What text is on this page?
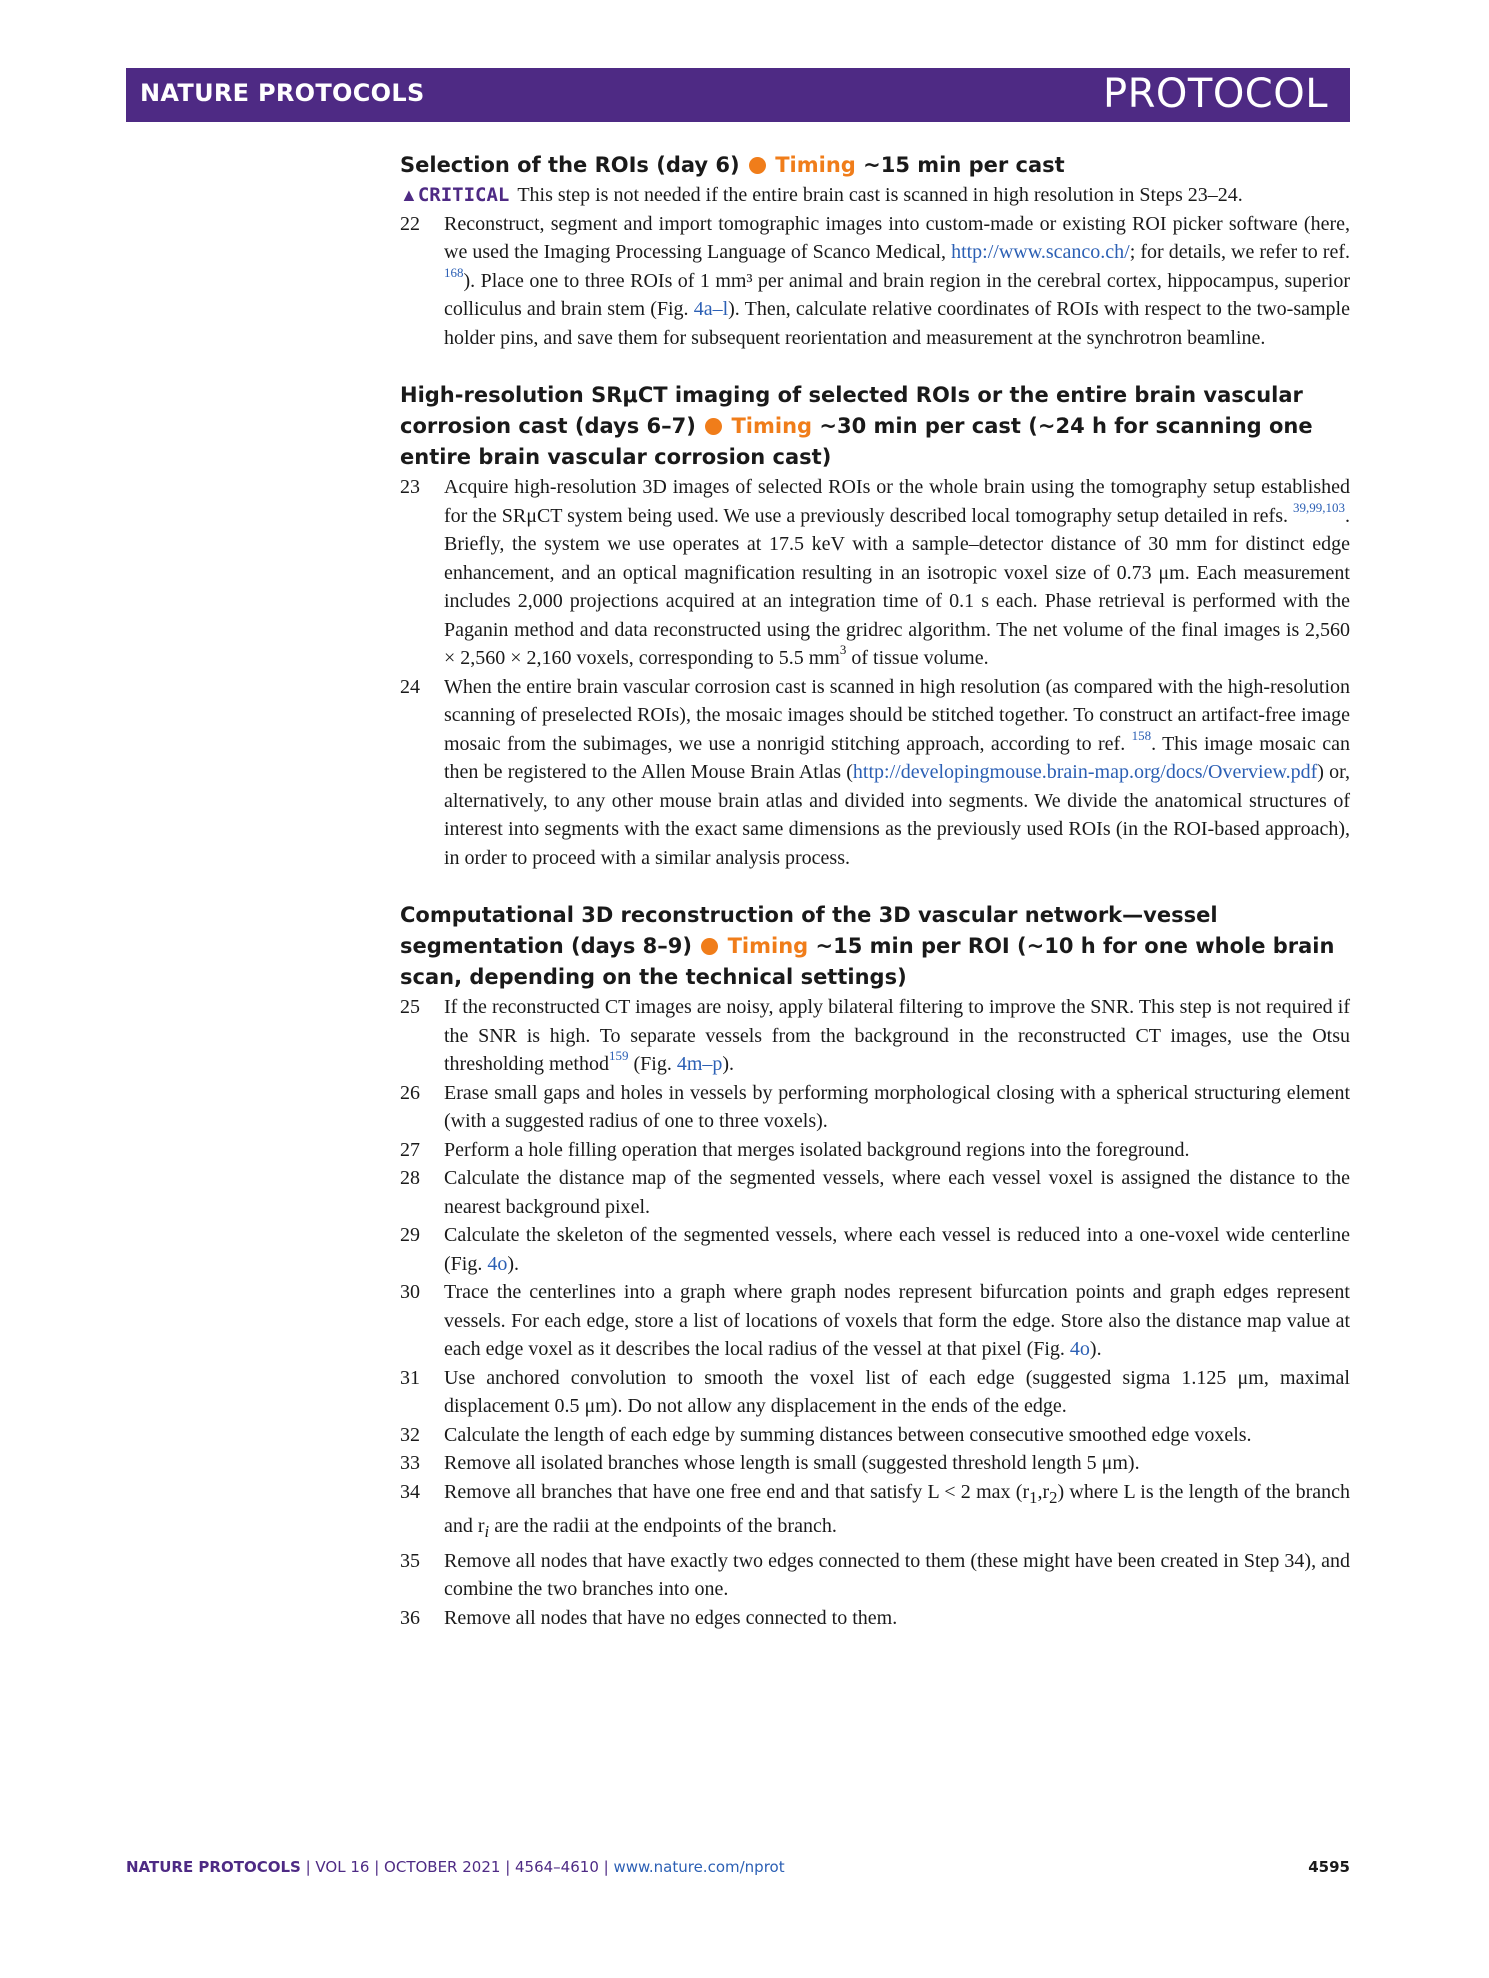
NATURE PROTOCOLS	PROTOCOL
Selection of the ROIs (day 6) Timing ~15 min per cast

▲CRITICAL This step is not needed if the entire brain cast is scanned in high resolution in Steps 23–24.

22 Reconstruct, segment and import tomographic images into custom-made or existing ROI picker software (here, we used the Imaging Processing Language of Scanco Medical, http://www.scanco.ch/; for details, we refer to ref. $^{168}$). Place one to three ROIs of 1 mm³ per animal and brain region in the cerebral cortex, hippocampus, superior colliculus and brain stem (Fig. 4a–l). Then, calculate relative coordinates of ROIs with respect to the two-sample holder pins, and save them for subsequent reorientation and measurement at the synchrotron beamline.

High-resolution SRμCT imaging of selected ROIs or the entire brain vascular corrosion cast (days 6–7) Timing ~30 min per cast (~24 h for scanning one entire brain vascular corrosion cast)

23 Acquire high-resolution 3D images of selected ROIs or the whole brain using the tomography setup established for the SRμCT system being used. We use a previously described local tomography setup detailed in refs. $^{39,99,103}$. Briefly, the system we use operates at 17.5 keV with a sample–detector distance of 30 mm for distinct edge enhancement, and an optical magnification resulting in an isotropic voxel size of 0.73 μm. Each measurement includes 2,000 projections acquired at an integration time of 0.1 s each. Phase retrieval is performed with the Paganin method and data reconstructed using the gridrec algorithm. The net volume of the final images is 2,560 × 2,560 × 2,160 voxels, corresponding to 5.5 $mm^3$ of tissue volume.

24 When the entire brain vascular corrosion cast is scanned in high resolution (as compared with the high-resolution scanning of preselected ROIs), the mosaic images should be stitched together. To construct an artifact-free image mosaic from the subimages, we use a nonrigid stitching approach, according to ref. $^{158}$. This image mosaic can then be registered to the Allen Mouse Brain Atlas (http://developingmouse.brain-map.org/docs/Overview.pdf) or, alternatively, to any other mouse brain atlas and divided into segments. We divide the anatomical structures of interest into segments with the exact same dimensions as the previously used ROIs (in the ROI-based approach), in order to proceed with a similar analysis process.

Computational 3D reconstruction of the 3D vascular network—vessel segmentation (days 8–9) Timing ~15 min per ROI (~10 h for one whole brain scan, depending on the technical settings)

25 If the reconstructed CT images are noisy, apply bilateral filtering to improve the SNR. This step is not required if the SNR is high. To separate vessels from the background in the reconstructed CT images, use the Otsu thresholding method$^{159}$ (Fig. 4m–p).

26 Erase small gaps and holes in vessels by performing morphological closing with a spherical structuring element (with a suggested radius of one to three voxels).

27 Perform a hole filling operation that merges isolated background regions into the foreground.

28 Calculate the distance map of the segmented vessels, where each vessel voxel is assigned the distance to the nearest background pixel.

29 Calculate the skeleton of the segmented vessels, where each vessel is reduced into a one-voxel wide centerline (Fig. 4o).

30 Trace the centerlines into a graph where graph nodes represent bifurcation points and graph edges represent vessels. For each edge, store a list of locations of voxels that form the edge. Store also the distance map value at each edge voxel as it describes the local radius of the vessel at that pixel (Fig. 4o).

31 Use anchored convolution to smooth the voxel list of each edge (suggested sigma 1.125 μm, maximal displacement 0.5 μm). Do not allow any displacement in the ends of the edge.

32 Calculate the length of each edge by summing distances between consecutive smoothed edge voxels.

33 Remove all isolated branches whose length is small (suggested threshold length 5 μm).

34 Remove all branches that have one free end and that satisfy L < 2 $\max (r_1,r_2)$ where L is the length of the branch and $r_i$ are the radii at the endpoints of the branch.

35 Remove all nodes that have exactly two edges connected to them (these might have been created in Step 34), and combine the two branches into one.

36 Remove all nodes that have no edges connected to them.

NATURE PROTOCOLS | VOL 16 | OCTOBER 2021 | 4564–4610 | www.nature.com/nprot	4595
